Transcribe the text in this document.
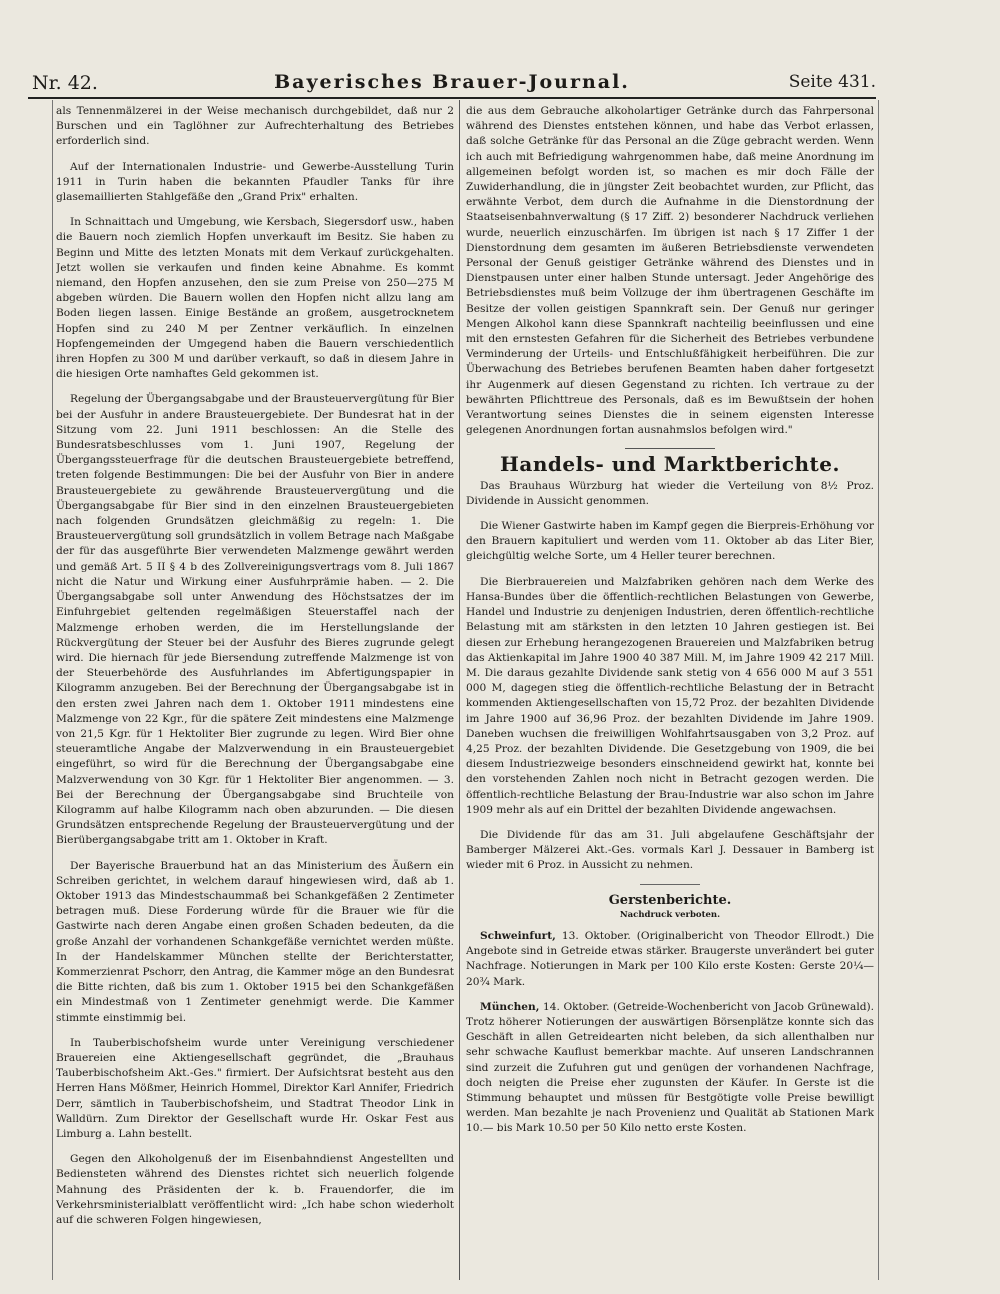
Nr. 42.	Bayerisches Brauer-Journal.	Seite 431.

als Tennenmälzerei in der Weise mechanisch durchgebildet, daß nur 2 Burschen und ein Taglöhner zur Aufrechterhaltung des Betriebes erforderlich sind.

Auf der Internationalen Industrie- und Gewerbe-Ausstellung Turin 1911 in Turin haben die bekannten Pfaudler Tanks für ihre glasemaillierten Stahlgefäße den „Grand Prix" erhalten.

In Schnaittach und Umgebung, wie Kersbach, Siegersdorf usw., haben die Bauern noch ziemlich Hopfen unverkauft im Besitz. Sie haben zu Beginn und Mitte des letzten Monats mit dem Verkauf zurückgehalten. Jetzt wollen sie verkaufen und finden keine Abnahme. Es kommt niemand, den Hopfen anzusehen, den sie zum Preise von 250—275 M abgeben würden. Die Bauern wollen den Hopfen nicht allzu lang am Boden liegen lassen. Einige Bestände an großem, ausgetrocknetem Hopfen sind zu 240 M per Zentner verkäuflich. In einzelnen Hopfengemeinden der Umgegend haben die Bauern verschiedentlich ihren Hopfen zu 300 M und darüber verkauft, so daß in diesem Jahre in die hiesigen Orte namhaftes Geld gekommen ist.

Regelung der Übergangsabgabe und der Brausteuervergütung für Bier bei der Ausfuhr in andere Brausteuergebiete. Der Bundesrat hat in der Sitzung vom 22. Juni 1911 beschlossen: An die Stelle des Bundesratsbeschlusses vom 1. Juni 1907, Regelung der Übergangssteuerfrage für die deutschen Brausteuergebiete betreffend, treten folgende Bestimmungen: Die bei der Ausfuhr von Bier in andere Brausteuergebiete zu gewährende Brausteuervergütung und die Übergangsabgabe für Bier sind in den einzelnen Brausteuergebieten nach folgenden Grundsätzen gleichmäßig zu regeln: 1. Die Brausteuervergütung soll grundsätzlich in vollem Betrage nach Maßgabe der für das ausgeführte Bier verwendeten Malzmenge gewährt werden und gemäß Art. 5 II § 4 b des Zollvereinigungsvertrags vom 8. Juli 1867 nicht die Natur und Wirkung einer Ausfuhrprämie haben. — 2. Die Übergangsabgabe soll unter Anwendung des Höchstsatzes der im Einfuhrgebiet geltenden regelmäßigen Steuerstaffel nach der Malzmenge erhoben werden, die im Herstellungslande der Rückvergütung der Steuer bei der Ausfuhr des Bieres zugrunde gelegt wird. Die hiernach für jede Biersendung zutreffende Malzmenge ist von der Steuerbehörde des Ausfuhrlandes im Abfertigungspapier in Kilogramm anzugeben. Bei der Berechnung der Übergangsabgabe ist in den ersten zwei Jahren nach dem 1. Oktober 1911 mindestens eine Malzmenge von 22 Kgr., für die spätere Zeit mindestens eine Malzmenge von 21,5 Kgr. für 1 Hektoliter Bier zugrunde zu legen. Wird Bier ohne steueramtliche Angabe der Malzverwendung in ein Brausteuergebiet eingeführt, so wird für die Berechnung der Übergangsabgabe eine Malzverwendung von 30 Kgr. für 1 Hektoliter Bier angenommen. — 3. Bei der Berechnung der Übergangsabgabe sind Bruchteile von Kilogramm auf halbe Kilogramm nach oben abzurunden. — Die diesen Grundsätzen entsprechende Regelung der Brausteuervergütung und der Bierübergangsabgabe tritt am 1. Oktober in Kraft.

Der Bayerische Brauerbund hat an das Ministerium des Äußern ein Schreiben gerichtet, in welchem darauf hingewiesen wird, daß ab 1. Oktober 1913 das Mindestschaummaß bei Schankgefäßen 2 Zentimeter betragen muß. Diese Forderung würde für die Brauer wie für die Gastwirte nach deren Angabe einen großen Schaden bedeuten, da die große Anzahl der vorhandenen Schankgefäße vernichtet werden müßte. In der Handelskammer München stellte der Berichterstatter, Kommerzienrat Pschorr, den Antrag, die Kammer möge an den Bundesrat die Bitte richten, daß bis zum 1. Oktober 1915 bei den Schankgefäßen ein Mindestmaß von 1 Zentimeter genehmigt werde. Die Kammer stimmte einstimmig bei.

In Tauberbischofsheim wurde unter Vereinigung verschiedener Brauereien eine Aktiengesellschaft gegründet, die „Brauhaus Tauberbischofsheim Akt.-Ges." firmiert. Der Aufsichtsrat besteht aus den Herren Hans Mößmer, Heinrich Hommel, Direktor Karl Annifer, Friedrich Derr, sämtlich in Tauberbischofsheim, und Stadtrat Theodor Link in Walldürn. Zum Direktor der Gesellschaft wurde Hr. Oskar Fest aus Limburg a. Lahn bestellt.

Gegen den Alkoholgenuß der im Eisenbahndienst Angestellten und Bediensteten während des Dienstes richtet sich neuerlich folgende Mahnung des Präsidenten der k. b. Frauendorfer, die im Verkehrsministerialblatt veröffentlicht wird: „Ich habe schon wiederholt auf die schweren Folgen hingewiesen,

die aus dem Gebrauche alkoholartiger Getränke durch das Fahrpersonal während des Dienstes entstehen können, und habe das Verbot erlassen, daß solche Getränke für das Personal an die Züge gebracht werden. Wenn ich auch mit Befriedigung wahrgenommen habe, daß meine Anordnung im allgemeinen befolgt worden ist, so machen es mir doch Fälle der Zuwiderhandlung, die in jüngster Zeit beobachtet wurden, zur Pflicht, das erwähnte Verbot, dem durch die Aufnahme in die Dienstordnung der Staatseisenbahnverwaltung (§ 17 Ziff. 2) besonderer Nachdruck verliehen wurde, neuerlich einzuschärfen. Im übrigen ist nach § 17 Ziffer 1 der Dienstordnung dem gesamten im äußeren Betriebsdienste verwendeten Personal der Genuß geistiger Getränke während des Dienstes und in Dienstpausen unter einer halben Stunde untersagt. Jeder Angehörige des Betriebsdienstes muß beim Vollzuge der ihm übertragenen Geschäfte im Besitze der vollen geistigen Spannkraft sein. Der Genuß nur geringer Mengen Alkohol kann diese Spannkraft nachteilig beeinflussen und eine mit den ernstesten Gefahren für die Sicherheit des Betriebes verbundene Verminderung der Urteils- und Entschlußfähigkeit herbeiführen. Die zur Überwachung des Betriebes berufenen Beamten haben daher fortgesetzt ihr Augenmerk auf diesen Gegenstand zu richten. Ich vertraue zu der bewährten Pflichttreue des Personals, daß es im Bewußtsein der hohen Verantwortung seines Dienstes die in seinem eigensten Interesse gelegenen Anordnungen fortan ausnahmslos befolgen wird."

Handels- und Marktberichte.

Das Brauhaus Würzburg hat wieder die Verteilung von 8½ Proz. Dividende in Aussicht genommen.

Die Wiener Gastwirte haben im Kampf gegen die Bierpreis-Erhöhung vor den Brauern kapituliert und werden vom 11. Oktober ab das Liter Bier, gleichgültig welche Sorte, um 4 Heller teurer berechnen.

Die Bierbrauereien und Malzfabriken gehören nach dem Werke des Hansa-Bundes über die öffentlich-rechtlichen Belastungen von Gewerbe, Handel und Industrie zu denjenigen Industrien, deren öffentlich-rechtliche Belastung mit am stärksten in den letzten 10 Jahren gestiegen ist. Bei diesen zur Erhebung herangezogenen Brauereien und Malzfabriken betrug das Aktienkapital im Jahre 1900 40 387 Mill. M, im Jahre 1909 42 217 Mill. M. Die daraus gezahlte Dividende sank stetig von 4 656 000 M auf 3 551 000 M, dagegen stieg die öffentlich-rechtliche Belastung der in Betracht kommenden Aktiengesellschaften von 15,72 Proz. der bezahlten Dividende im Jahre 1900 auf 36,96 Proz. der bezahlten Dividende im Jahre 1909. Daneben wuchsen die freiwilligen Wohlfahrtsausgaben von 3,2 Proz. auf 4,25 Proz. der bezahlten Dividende. Die Gesetzgebung von 1909, die bei diesem Industriezweige besonders einschneidend gewirkt hat, konnte bei den vorstehenden Zahlen noch nicht in Betracht gezogen werden. Die öffentlich-rechtliche Belastung der Brau-Industrie war also schon im Jahre 1909 mehr als auf ein Drittel der bezahlten Dividende angewachsen.

Die Dividende für das am 31. Juli abgelaufene Geschäftsjahr der Bamberger Mälzerei Akt.-Ges. vormals Karl J. Dessauer in Bamberg ist wieder mit 6 Proz. in Aussicht zu nehmen.

Gerstenberichte.
Nachdruck verboten.

Schweinfurt, 13. Oktober. (Originalbericht von Theodor Ellrodt.) Die Angebote sind in Getreide etwas stärker. Braugerste unverändert bei guter Nachfrage. Notierungen in Mark per 100 Kilo erste Kosten: Gerste 20¼—20¾ Mark.

München, 14. Oktober. (Getreide-Wochenbericht von Jacob Grünewald). Trotz höherer Notierungen der auswärtigen Börsenplätze konnte sich das Geschäft in allen Getreidearten nicht beleben, da sich allenthalben nur sehr schwache Kauflust bemerkbar machte. Auf unseren Landschrannen sind zurzeit die Zufuhren gut und genügen der vorhandenen Nachfrage, doch neigten die Preise eher zugunsten der Käufer. In Gerste ist die Stimmung behauptet und müssen für Bestgötigte volle Preise bewilligt werden. Man bezahlte je nach Provenienz und Qualität ab Stationen Mark 10.— bis Mark 10.50 per 50 Kilo netto erste Kosten.
